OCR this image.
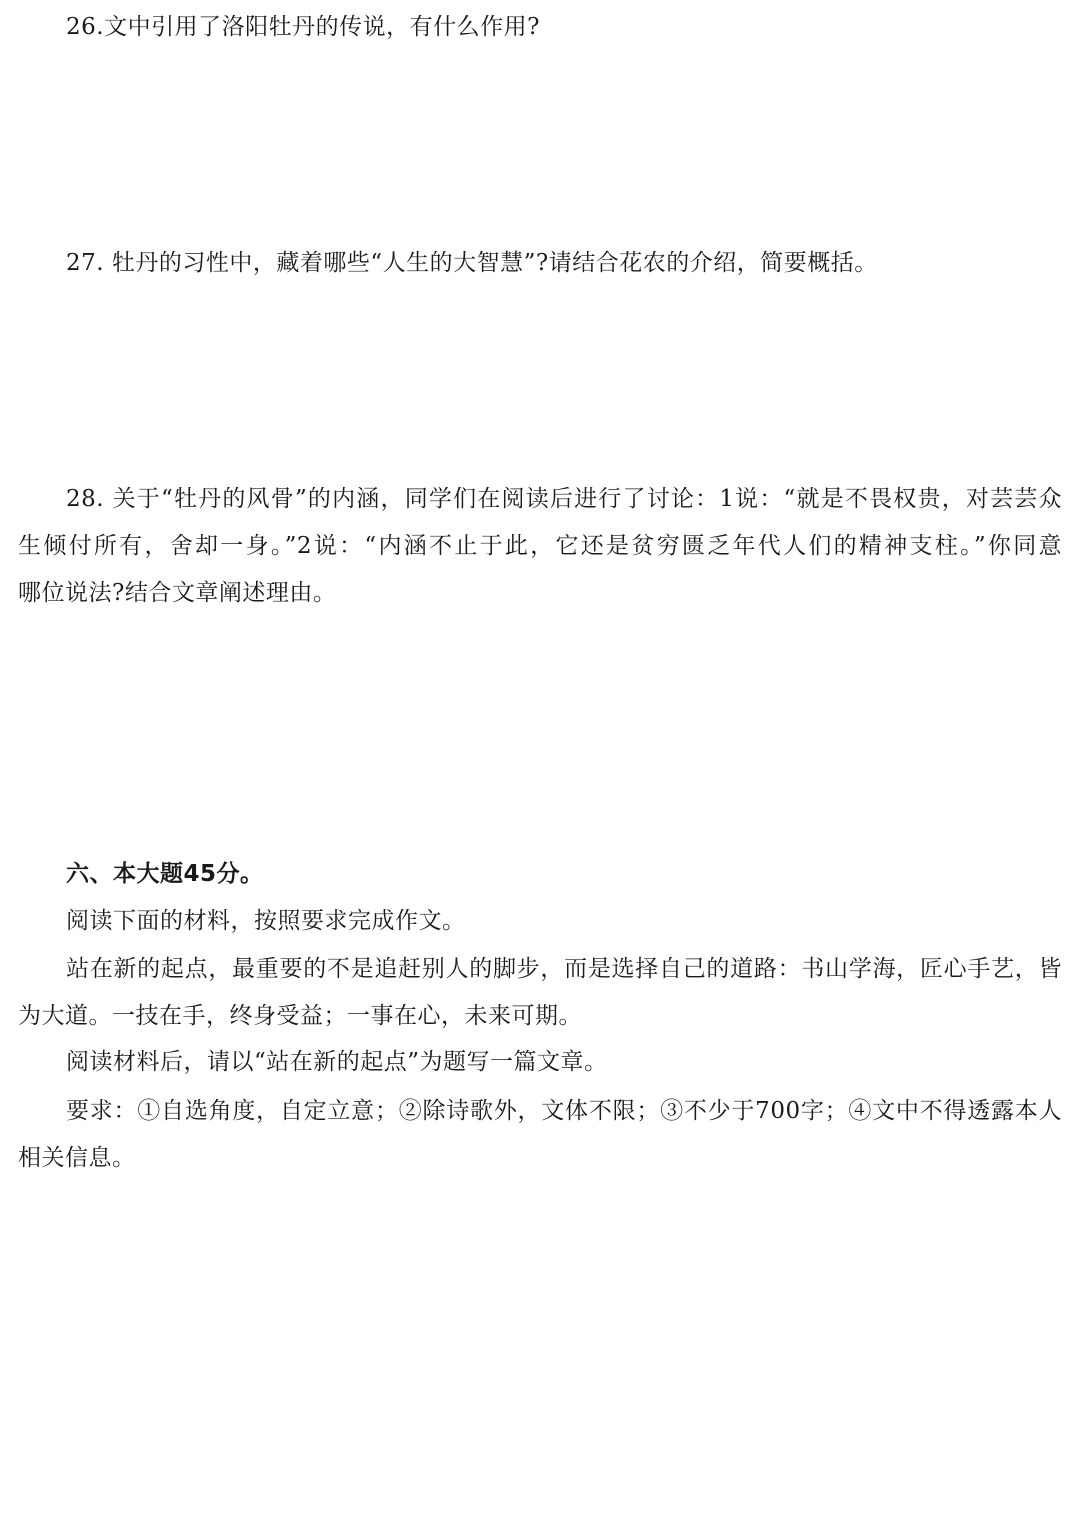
26.文中引用了洛阳牡丹的传说，有什么作用?
27. 牡丹的习性中，藏着哪些“人生的大智慧”?请结合花农的介绍，简要概括。
28. 关于“牡丹的风骨”的内涵，同学们在阅读后进行了讨论：1说：“就是不畏权贵，对芸芸众
生倾付所有，舍却一身。”2说：“内涵不止于此，它还是贫穷匮乏年代人们的精神支柱。”你同意
哪位说法?结合文章阐述理由。
六、本大题45分。
阅读下面的材料，按照要求完成作文。
站在新的起点，最重要的不是追赶别人的脚步，而是选择自己的道路：书山学海，匠心手艺，皆
为大道。一技在手，终身受益；一事在心，未来可期。
阅读材料后，请以“站在新的起点”为题写一篇文章。
要求：①自选角度，自定立意；②除诗歌外，文体不限；③不少于700字；④文中不得透露本人
相关信息。
